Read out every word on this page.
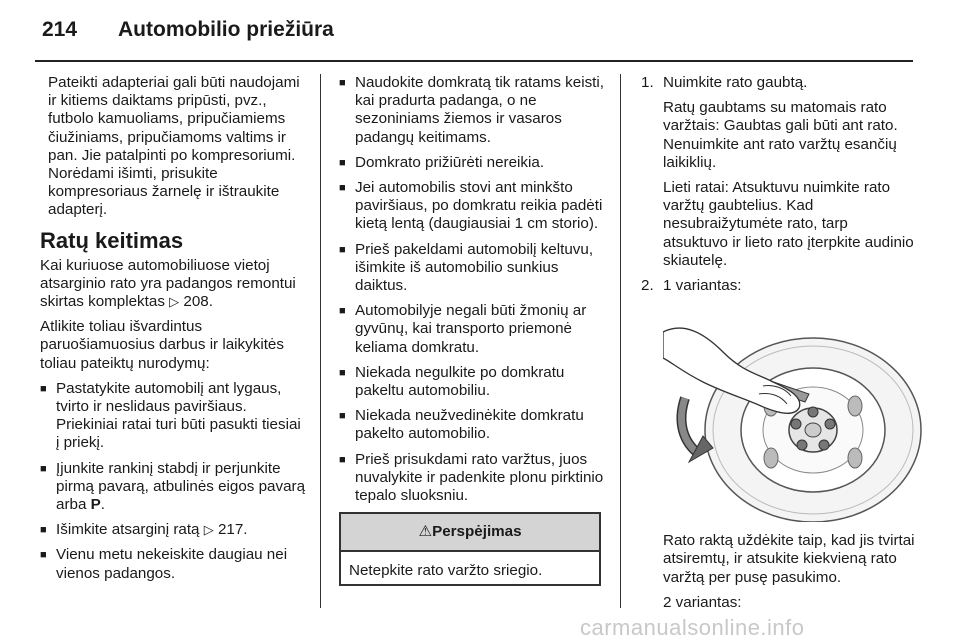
214 Automobilio priežiūra

Pateikti adapteriai gali būti naudojami ir kitiems daiktams pripūsti, pvz., futbolo kamuoliams, pripučiamiems čiužiniams, pripučiamoms valtims ir pan. Jie patalpinti po kompresoriumi. Norėdami išimti, prisukite kompresoriaus žarnelę ir ištraukite adapterį.

Ratų keitimas

Kai kuriuose automobiliuose vietoj atsarginio rato yra padangos remontui skirtas komplektas ▷ 208.

Atlikite toliau išvardintus paruošiamuosius darbus ir laikykitės toliau pateiktų nurodymų:

■ Pastatykite automobilį ant lygaus, tvirto ir neslidaus paviršiaus. Priekiniai ratai turi būti pasukti tiesiai į priekį.
■ Įjunkite rankinį stabdį ir perjunkite pirmą pavarą, atbulinės eigos pavarą arba P.
■ Išimkite atsarginį ratą ▷ 217.
■ Vienu metu nekeiskite daugiau nei vienos padangos.
■ Naudokite domkratą tik ratams keisti, kai pradurta padanga, o ne sezoniniams žiemos ir vasaros padangų keitimams.
■ Domkrato prižiūrėti nereikia.
■ Jei automobilis stovi ant minkšto paviršiaus, po domkratu reikia padėti kietą lentą (daugiausiai 1 cm storio).
■ Prieš pakeldami automobilį keltuvu, išimkite iš automobilio sunkius daiktus.
■ Automobilyje negali būti žmonių ar gyvūnų, kai transporto priemonė keliama domkratu.
■ Niekada negulkite po domkratu pakeltu automobiliu.
■ Niekada neužvedinėkite domkratu pakelto automobilio.
■ Prieš prisukdami rato varžtus, juos nuvalykite ir padenkite plonu pirktinio tepalo sluoksniu.
⚠Perspėjimas
Netepkite rato varžto sriegio.
1. Nuimkite rato gaubtą.

Ratų gaubtams su matomais rato varžtais: Gaubtas gali būti ant rato. Nenuimkite ant rato varžtų esančių laikiklių.

Lieti ratai: Atsuktuvu nuimkite rato varžtų gaubtelius. Kad nesubraižytumėte rato, tarp atsuktuvo ir lieto rato įterpkite audinio skiautelę.

2. 1 variantas:

Rato raktą uždėkite taip, kad jis tvirtai atsiremtų, ir atsukite kiekvieną rato varžtą per pusę pasukimo.

2 variantas:

carmanualsonline.info
